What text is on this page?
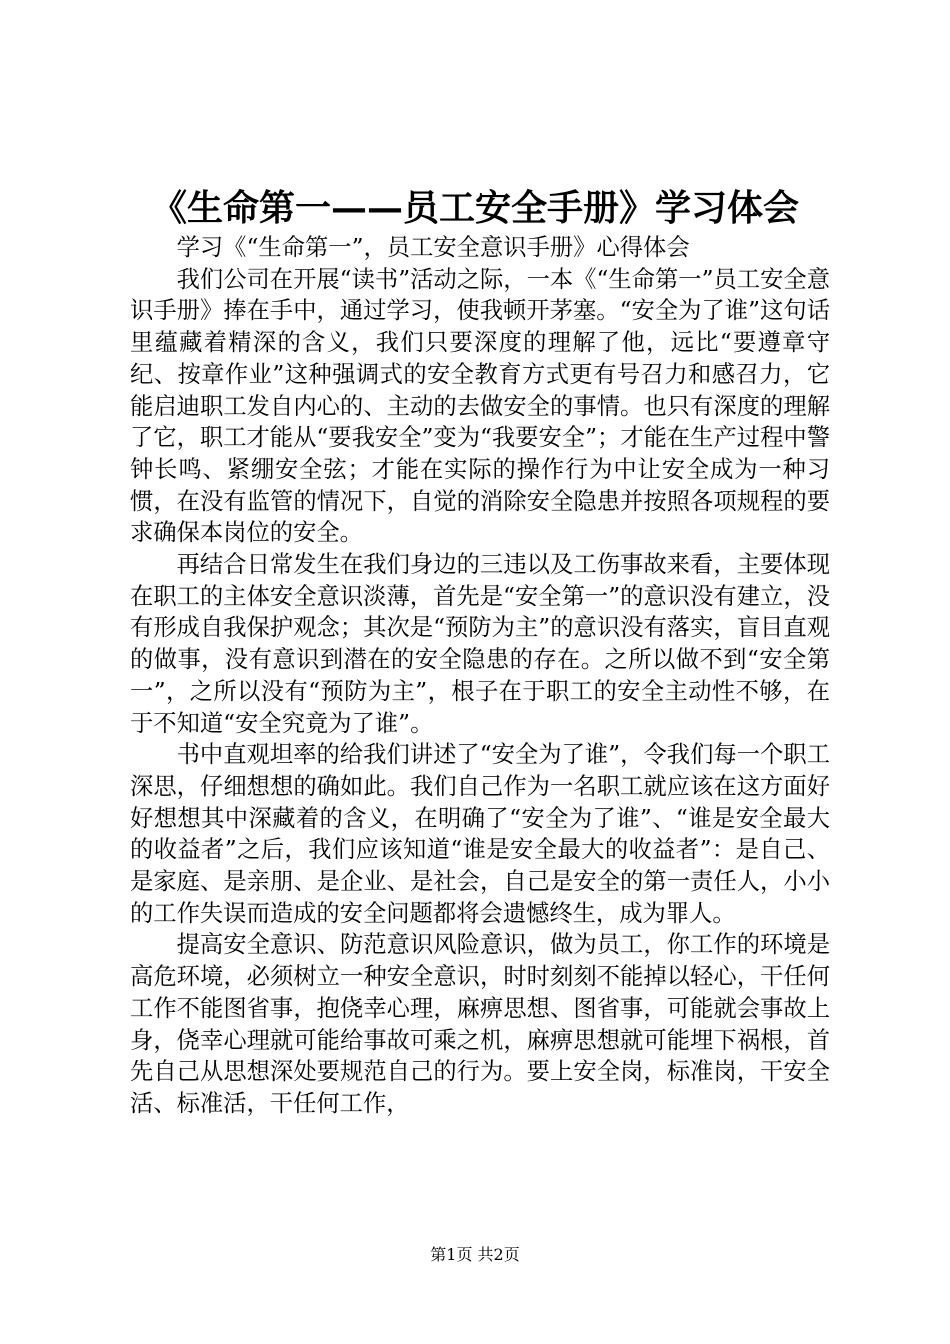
《生命第一——员工安全手册》学习体会

学习《“生命第一”，员工安全意识手册》心得体会

我们公司在开展“读书”活动之际，一本《“生命第一”员工安全意识手册》捧在手中，通过学习，使我顿开茅塞。“安全为了谁”这句话里蕴藏着精深的含义，我们只要深度的理解了他，远比“要遵章守纪、按章作业”这种强调式的安全教育方式更有号召力和感召力，它能启迪职工发自内心的、主动的去做安全的事情。也只有深度的理解了它，职工才能从“要我安全”变为“我要安全”；才能在生产过程中警钟长鸣、紧绷安全弦；才能在实际的操作行为中让安全成为一种习惯，在没有监管的情况下，自觉的消除安全隐患并按照各项规程的要求确保本岗位的安全。

再结合日常发生在我们身边的三违以及工伤事故来看，主要体现在职工的主体安全意识淡薄，首先是“安全第一”的意识没有建立，没有形成自我保护观念；其次是“预防为主”的意识没有落实，盲目直观的做事，没有意识到潜在的安全隐患的存在。之所以做不到“安全第一”，之所以没有“预防为主”，根子在于职工的安全主动性不够，在于不知道“安全究竟为了谁”。

书中直观坦率的给我们讲述了“安全为了谁”，令我们每一个职工深思，仔细想想的确如此。我们自己作为一名职工就应该在这方面好好想想其中深藏着的含义，在明确了“安全为了谁”、“谁是安全最大的收益者”之后，我们应该知道“谁是安全最大的收益者”：是自己、是家庭、是亲朋、是企业、是社会，自己是安全的第一责任人，小小的工作失误而造成的安全问题都将会遗憾终生，成为罪人。

提高安全意识、防范意识风险意识，做为员工，你工作的环境是高危环境，必须树立一种安全意识，时时刻刻不能掉以轻心，干任何工作不能图省事，抱侥幸心理，麻痹思想、图省事，可能就会事故上身，侥幸心理就可能给事故可乘之机，麻痹思想就可能埋下祸根，首先自己从思想深处要规范自己的行为。要上安全岗，标准岗，干安全活、标准活，干任何工作，

第1页 共2页
